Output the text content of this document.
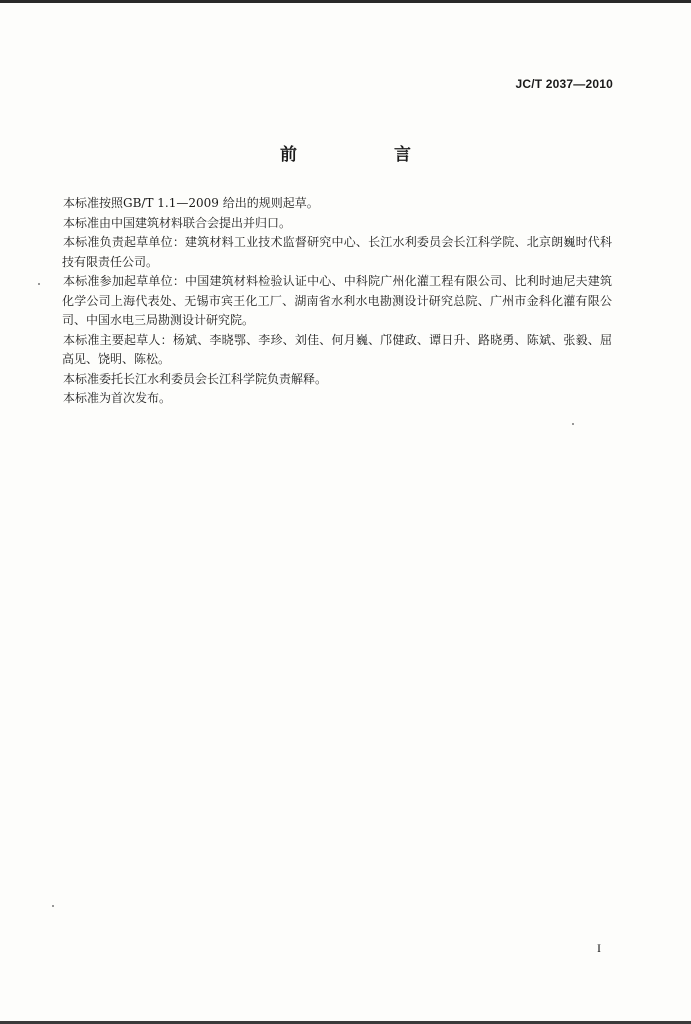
JC/T 2037—2010
前　言

本标准按照GB/T 1.1—2009 给出的规则起草。

本标准由中国建筑材料联合会提出并归口。

本标准负责起草单位：建筑材料工业技术监督研究中心、长江水利委员会长江科学院、北京朗巍时代科技有限责任公司。

本标准参加起草单位：中国建筑材料检验认证中心、中科院广州化灌工程有限公司、比利时迪尼夫建筑化学公司上海代表处、无锡市宾王化工厂、湖南省水利水电勘测设计研究总院、广州市金科化灌有限公司、中国水电三局勘测设计研究院。

本标准主要起草人：杨斌、李晓鄂、李珍、刘佳、何月巍、邝健政、谭日升、路晓勇、陈斌、张毅、屈高见、饶明、陈松。

本标准委托长江水利委员会长江科学院负责解释。

本标准为首次发布。

I
